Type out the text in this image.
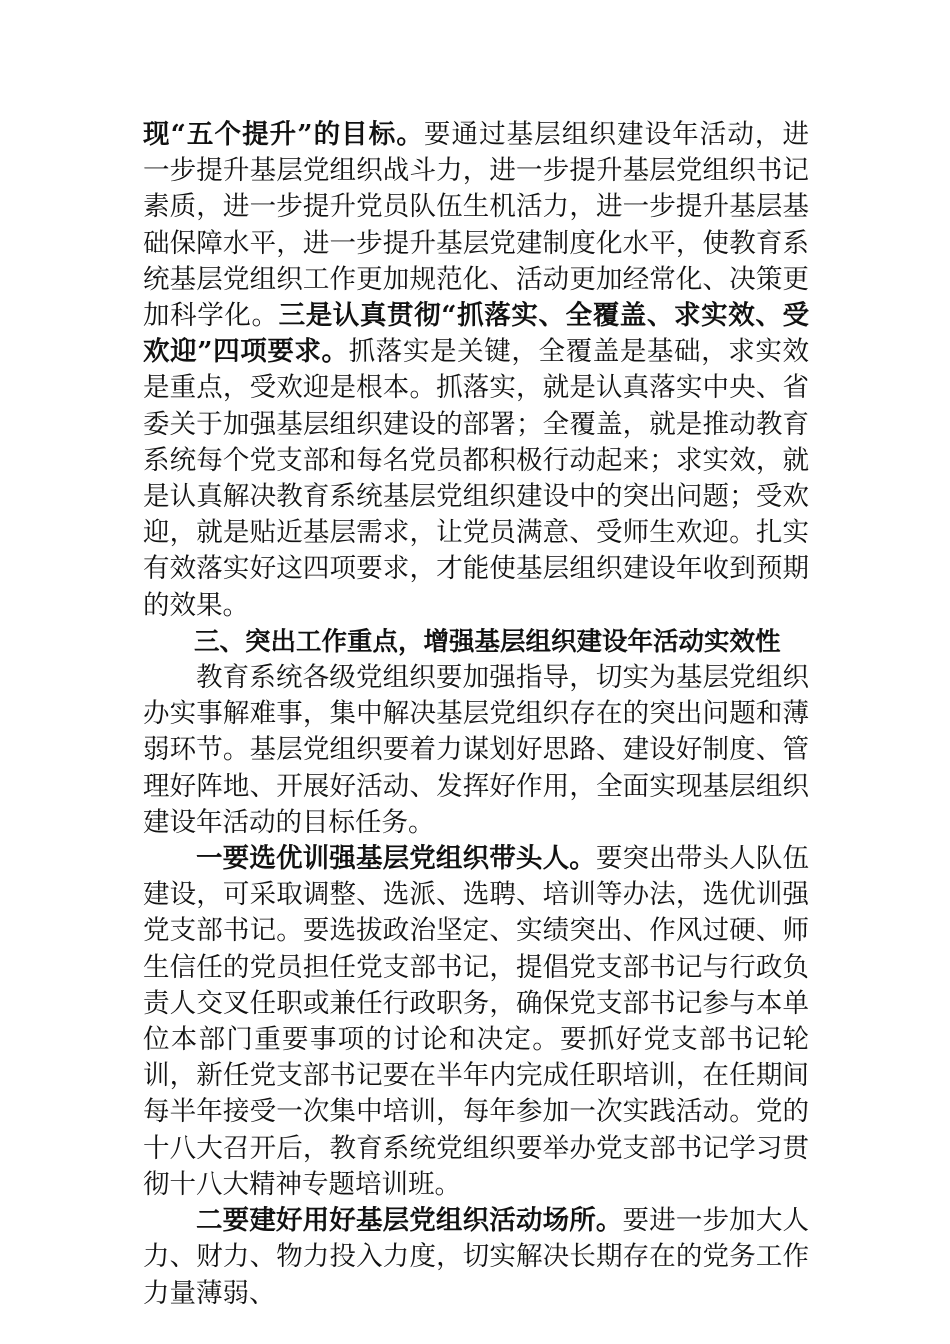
现“五个提升”的目标。要通过基层组织建设年活动，进一步提升基层党组织战斗力，进一步提升基层党组织书记素质，进一步提升党员队伍生机活力，进一步提升基层基础保障水平，进一步提升基层党建制度化水平，使教育系统基层党组织工作更加规范化、活动更加经常化、决策更加科学化。三是认真贯彻“抓落实、全覆盖、求实效、受欢迎”四项要求。抓落实是关键，全覆盖是基础，求实效是重点，受欢迎是根本。抓落实，就是认真落实中央、省委关于加强基层组织建设的部署；全覆盖，就是推动教育系统每个党支部和每名党员都积极行动起来；求实效，就是认真解决教育系统基层党组织建设中的突出问题；受欢迎，就是贴近基层需求，让党员满意、受师生欢迎。扎实有效落实好这四项要求，才能使基层组织建设年收到预期的效果。

三、突出工作重点，增强基层组织建设年活动实效性

教育系统各级党组织要加强指导，切实为基层党组织办实事解难事，集中解决基层党组织存在的突出问题和薄弱环节。基层党组织要着力谋划好思路、建设好制度、管理好阵地、开展好活动、发挥好作用，全面实现基层组织建设年活动的目标任务。

一要选优训强基层党组织带头人。要突出带头人队伍建设，可采取调整、选派、选聘、培训等办法，选优训强党支部书记。要选拔政治坚定、实绩突出、作风过硬、师生信任的党员担任党支部书记，提倡党支部书记与行政负责人交叉任职或兼任行政职务，确保党支部书记参与本单位本部门重要事项的讨论和决定。要抓好党支部书记轮训，新任党支部书记要在半年内完成任职培训，在任期间每半年接受一次集中培训，每年参加一次实践活动。党的十八大召开后，教育系统党组织要举办党支部书记学习贯彻十八大精神专题培训班。

二要建好用好基层党组织活动场所。要进一步加大人力、财力、物力投入力度，切实解决长期存在的党务工作力量薄弱、
